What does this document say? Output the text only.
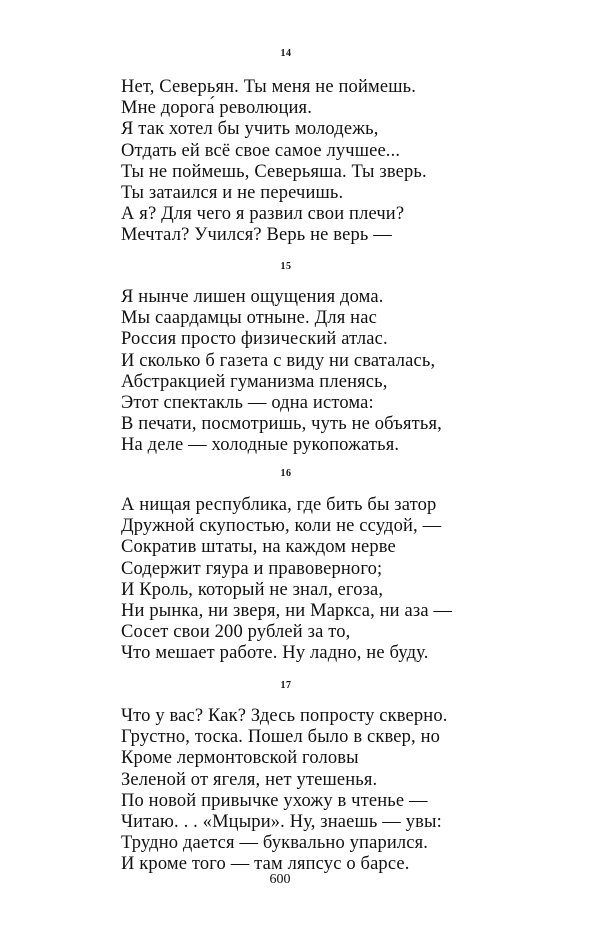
14
Нет, Северьян. Ты меня не поймешь.
Мне дорога́ революция.
Я так хотел бы учить молодежь,
Отдать ей всё свое самое лучшее...
Ты не поймешь, Северьяша. Ты зверь.
Ты затаился и не перечишь.
А я? Для чего я развил свои плечи?
Мечтал? Учился? Верь не верь —
15
Я нынче лишен ощущения дома.
Мы саардамцы отныне. Для нас
Россия просто физический атлас.
И сколько б газета с виду ни сваталась,
Абстракцией гуманизма пленясь,
Этот спектакль — одна истома:
В печати, посмотришь, чуть не объятья,
На деле — холодные рукопожатья.
16
А нищая республика, где бить бы затор
Дружной скупостью, коли не ссудой, —
Сократив штаты, на каждом нерве
Содержит гяура и правоверного;
И Кроль, который не знал, егоза,
Ни рынка, ни зверя, ни Маркса, ни аза —
Сосет свои 200 рублей за то,
Что мешает работе. Ну ладно, не буду.
17
Что у вас? Как? Здесь попросту скверно.
Грустно, тоска. Пошел было в сквер, но
Кроме лермонтовской головы
Зеленой от ягеля, нет утешенья.
По новой привычке ухожу в чтенье —
Читаю. . . «Мцыри». Ну, знаешь — увы:
Трудно дается — буквально упарился.
И кроме того — там ляпсус о барсе.
600
